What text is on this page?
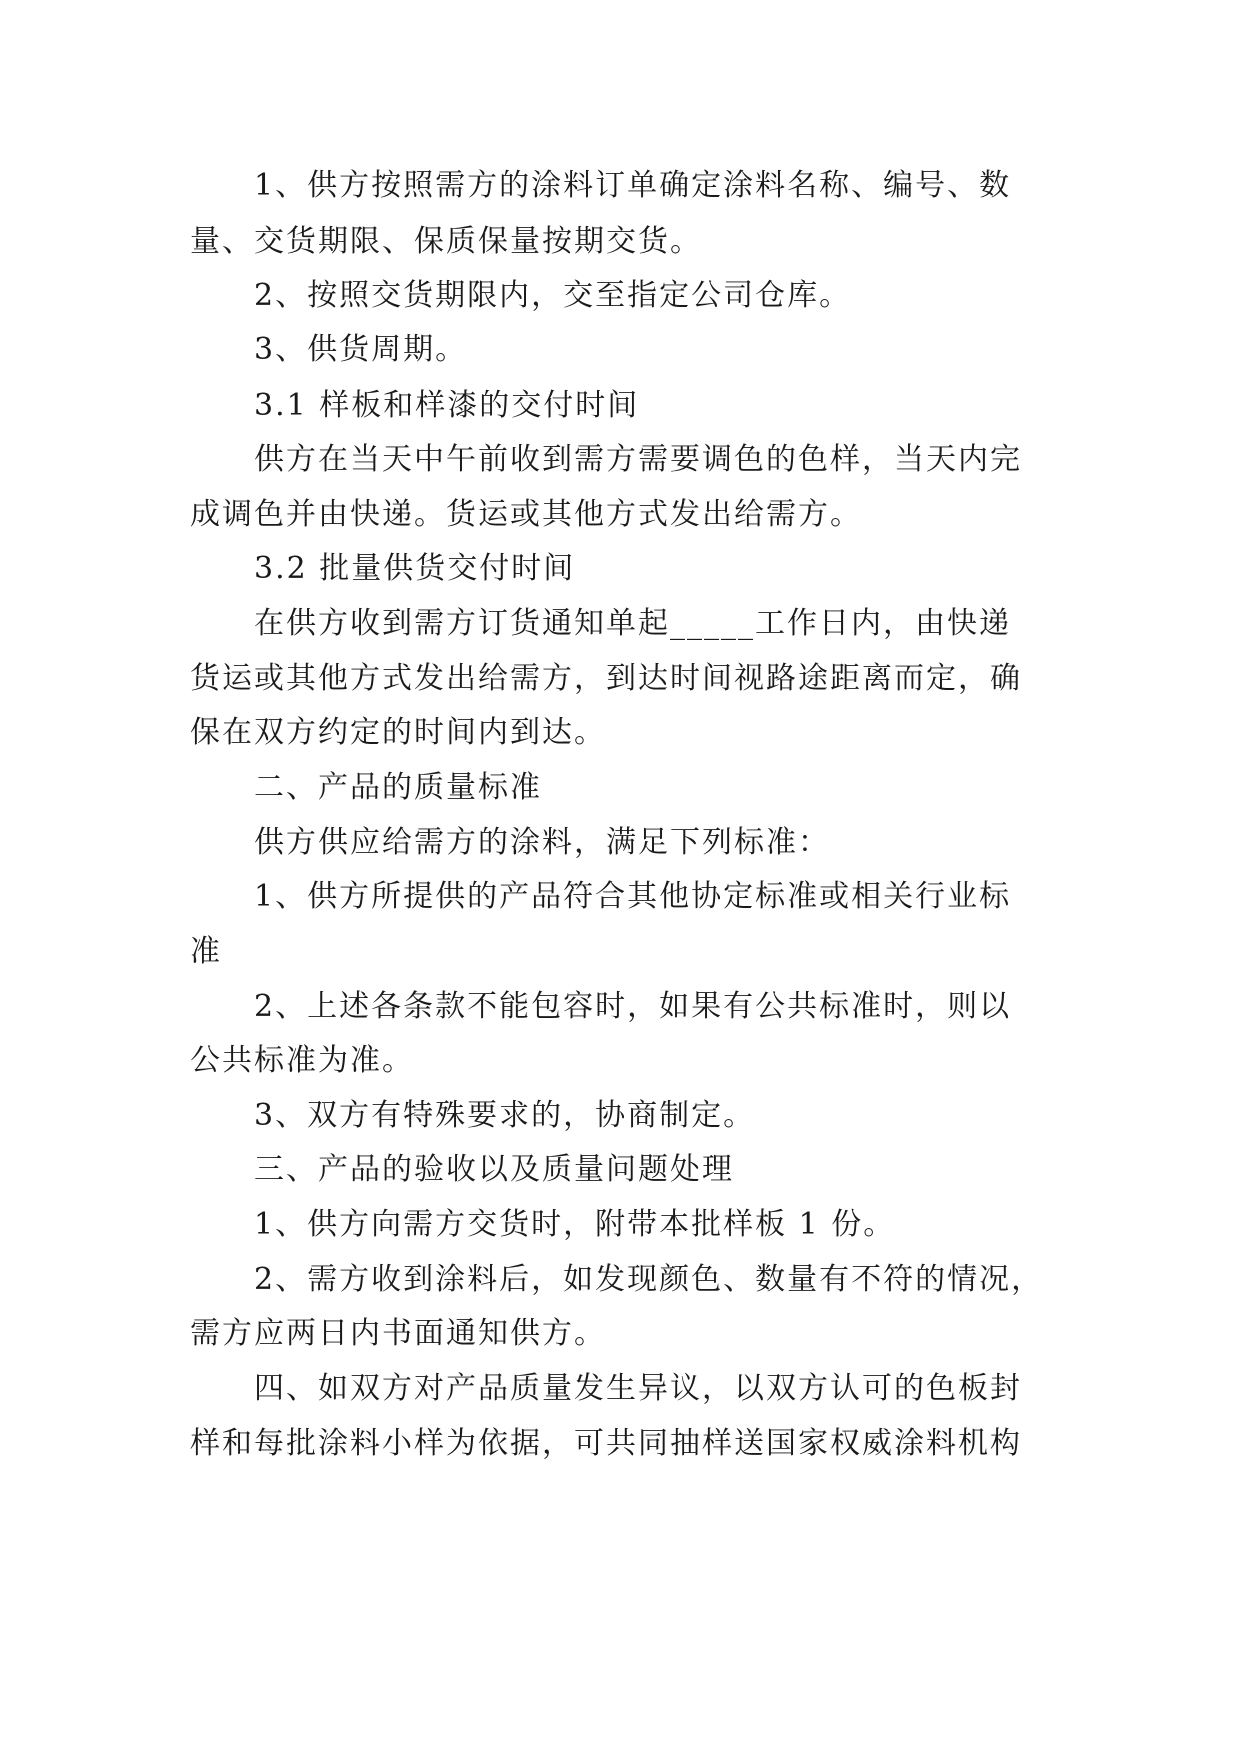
1、供方按照需方的涂料订单确定涂料名称、编号、数
量、交货期限、保质保量按期交货。
2、按照交货期限内，交至指定公司仓库。
3、供货周期。
3.1 样板和样漆的交付时间
供方在当天中午前收到需方需要调色的色样，当天内完
成调色并由快递。货运或其他方式发出给需方。
3.2 批量供货交付时间
在供方收到需方订货通知单起_____工作日内，由快递
货运或其他方式发出给需方，到达时间视路途距离而定，确
保在双方约定的时间内到达。
二、产品的质量标准
供方供应给需方的涂料，满足下列标准：
1、供方所提供的产品符合其他协定标准或相关行业标
准
2、上述各条款不能包容时，如果有公共标准时，则以
公共标准为准。
3、双方有特殊要求的，协商制定。
三、产品的验收以及质量问题处理
1、供方向需方交货时，附带本批样板 1 份。
2、需方收到涂料后，如发现颜色、数量有不符的情况，
需方应两日内书面通知供方。
四、如双方对产品质量发生异议，以双方认可的色板封
样和每批涂料小样为依据，可共同抽样送国家权威涂料机构
